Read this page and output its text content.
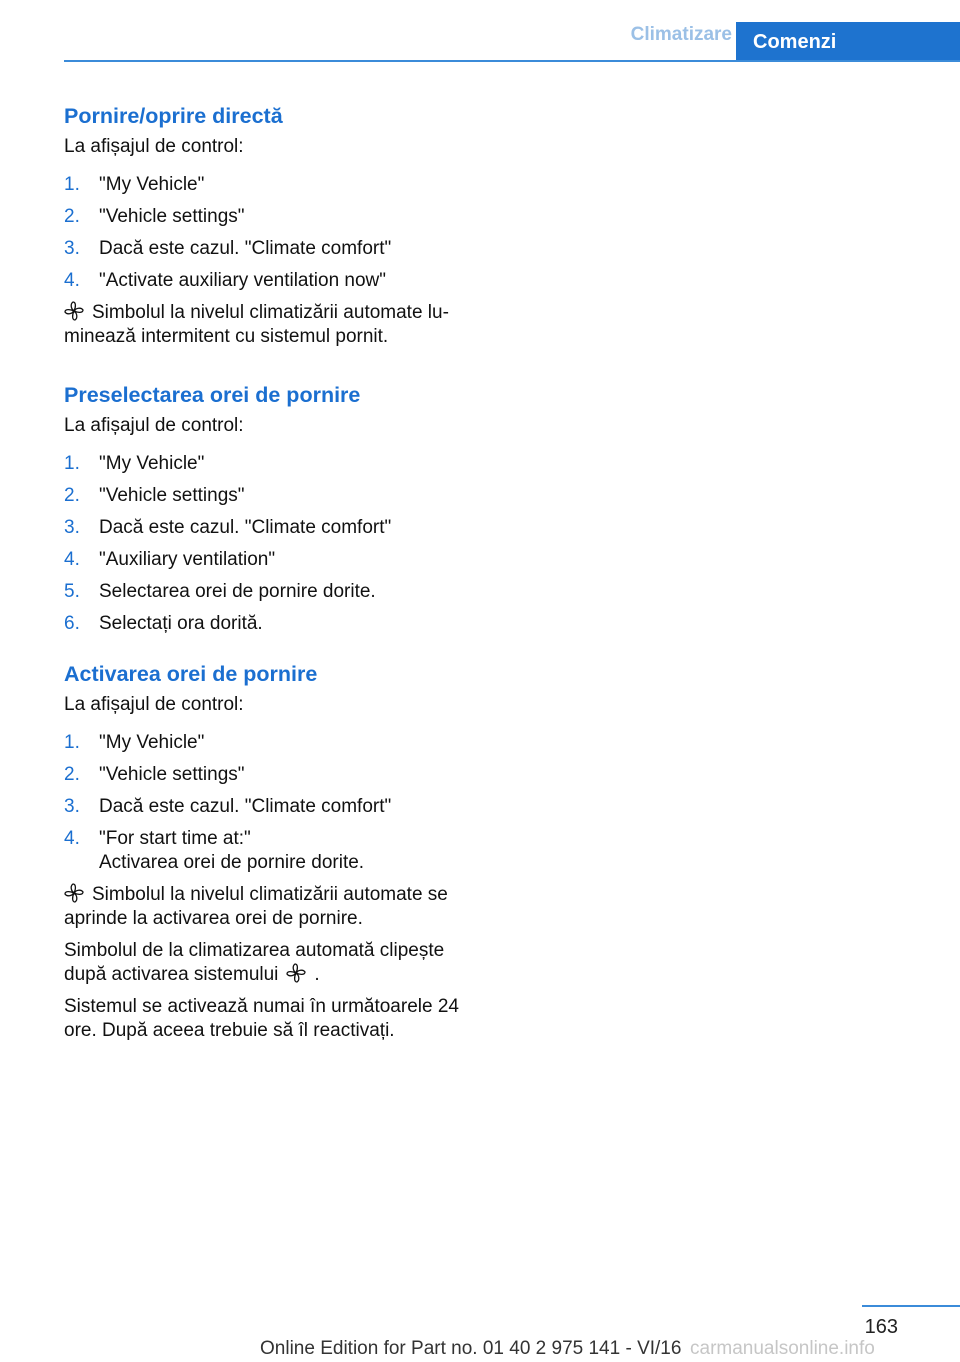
Climatizare	Comenzi
Pornire/oprire directă

La afișajul de control:

1. "My Vehicle"
2. "Vehicle settings"
3. Dacă este cazul. "Climate comfort"
4. "Activate auxiliary ventilation now"

Simbolul la nivelul climatizării automate luminează intermitent cu sistemul pornit.

Preselectarea orei de pornire

La afișajul de control:

1. "My Vehicle"
2. "Vehicle settings"
3. Dacă este cazul. "Climate comfort"
4. "Auxiliary ventilation"
5. Selectarea orei de pornire dorite.
6. Selectați ora dorită.
Activarea orei de pornire

La afișajul de control:

1. "My Vehicle"
2. "Vehicle settings"
3. Dacă este cazul. "Climate comfort"
4. "For start time at:"
Activarea orei de pornire dorite.

Simbolul la nivelul climatizării automate se aprinde la activarea orei de pornire.

Simbolul de la climatizarea automată clipește după activarea sistemului .

Sistemul se activează numai în următoarele 24 ore. După aceea trebuie să îl reactivați.

163
Online Edition for Part no. 01 40 2 975 141 - VI/16 carmanualsonline.info
